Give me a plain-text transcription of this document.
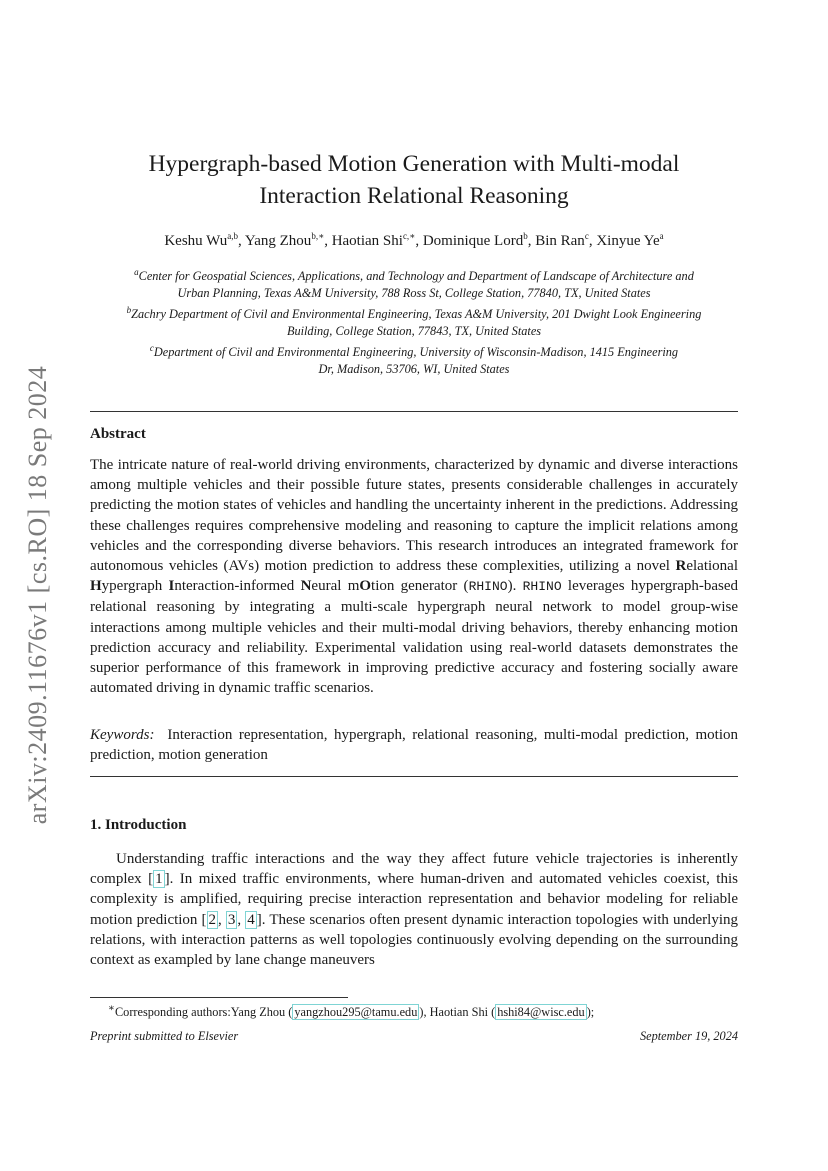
arXiv:2409.11676v1 [cs.RO] 18 Sep 2024
Hypergraph-based Motion Generation with Multi-modal
Interaction Relational Reasoning
Keshu Wu$^{a,b}$, Yang Zhou$^{b,∗}$, Haotian Shi$^{c,∗}$, Dominique Lord$^b$, Bin Ran$^c$, Xinyue Ye$^a$

$^a$Center for Geospatial Sciences, Applications, and Technology and Department of Landscape of Architecture and
Urban Planning, Texas A&M University, 788 Ross St, College Station, 77840, TX, United States

$^b$Zachry Department of Civil and Environmental Engineering, Texas A&M University, 201 Dwight Look Engineering
Building, College Station, 77843, TX, United States

$^c$Department of Civil and Environmental Engineering, University of Wisconsin-Madison, 1415 Engineering
Dr, Madison, 53706, WI, United States

Abstract

The intricate nature of real-world driving environments, characterized by dynamic and diverse interactions among multiple vehicles and their possible future states, presents considerable challenges in accurately predicting the motion states of vehicles and handling the uncertainty inherent in the predictions. Addressing these challenges requires comprehensive modeling and reasoning to capture the implicit relations among vehicles and the corresponding diverse behaviors. This research introduces an integrated framework for autonomous vehicles (AVs) motion prediction to address these complexities, utilizing a novel Relational Hypergraph Interaction-informed Neural mOtion generator (RHINO). RHINO leverages hypergraph-based relational reasoning by integrating a multi-scale hypergraph neural network to model group-wise interactions among multiple vehicles and their multi-modal driving behaviors, thereby enhancing motion prediction accuracy and reliability. Experimental validation using real-world datasets demonstrates the superior performance of this framework in improving predictive accuracy and fostering socially aware automated driving in dynamic traffic scenarios.

Keywords: Interaction representation, hypergraph, relational reasoning, multi-modal prediction, motion prediction, motion generation

1. Introduction

Understanding traffic interactions and the way they affect future vehicle trajectories is inherently complex [ 1 ]. In mixed traffic environments, where human-driven and automated vehicles coexist, this complexity is amplified, requiring precise interaction representation and behavior modeling for reliable motion prediction [ 2 , 3 , 4 ]. These scenarios often present dynamic interaction topologies with underlying relations, with interaction patterns as well topologies continuously evolving depending on the surrounding context as exampled by lane change maneuvers

∗Corresponding authors:Yang Zhou ( yangzhou295@tamu.edu ), Haotian Shi ( hshi84@wisc.edu );
Preprint submitted to Elsevier	September 19, 2024
